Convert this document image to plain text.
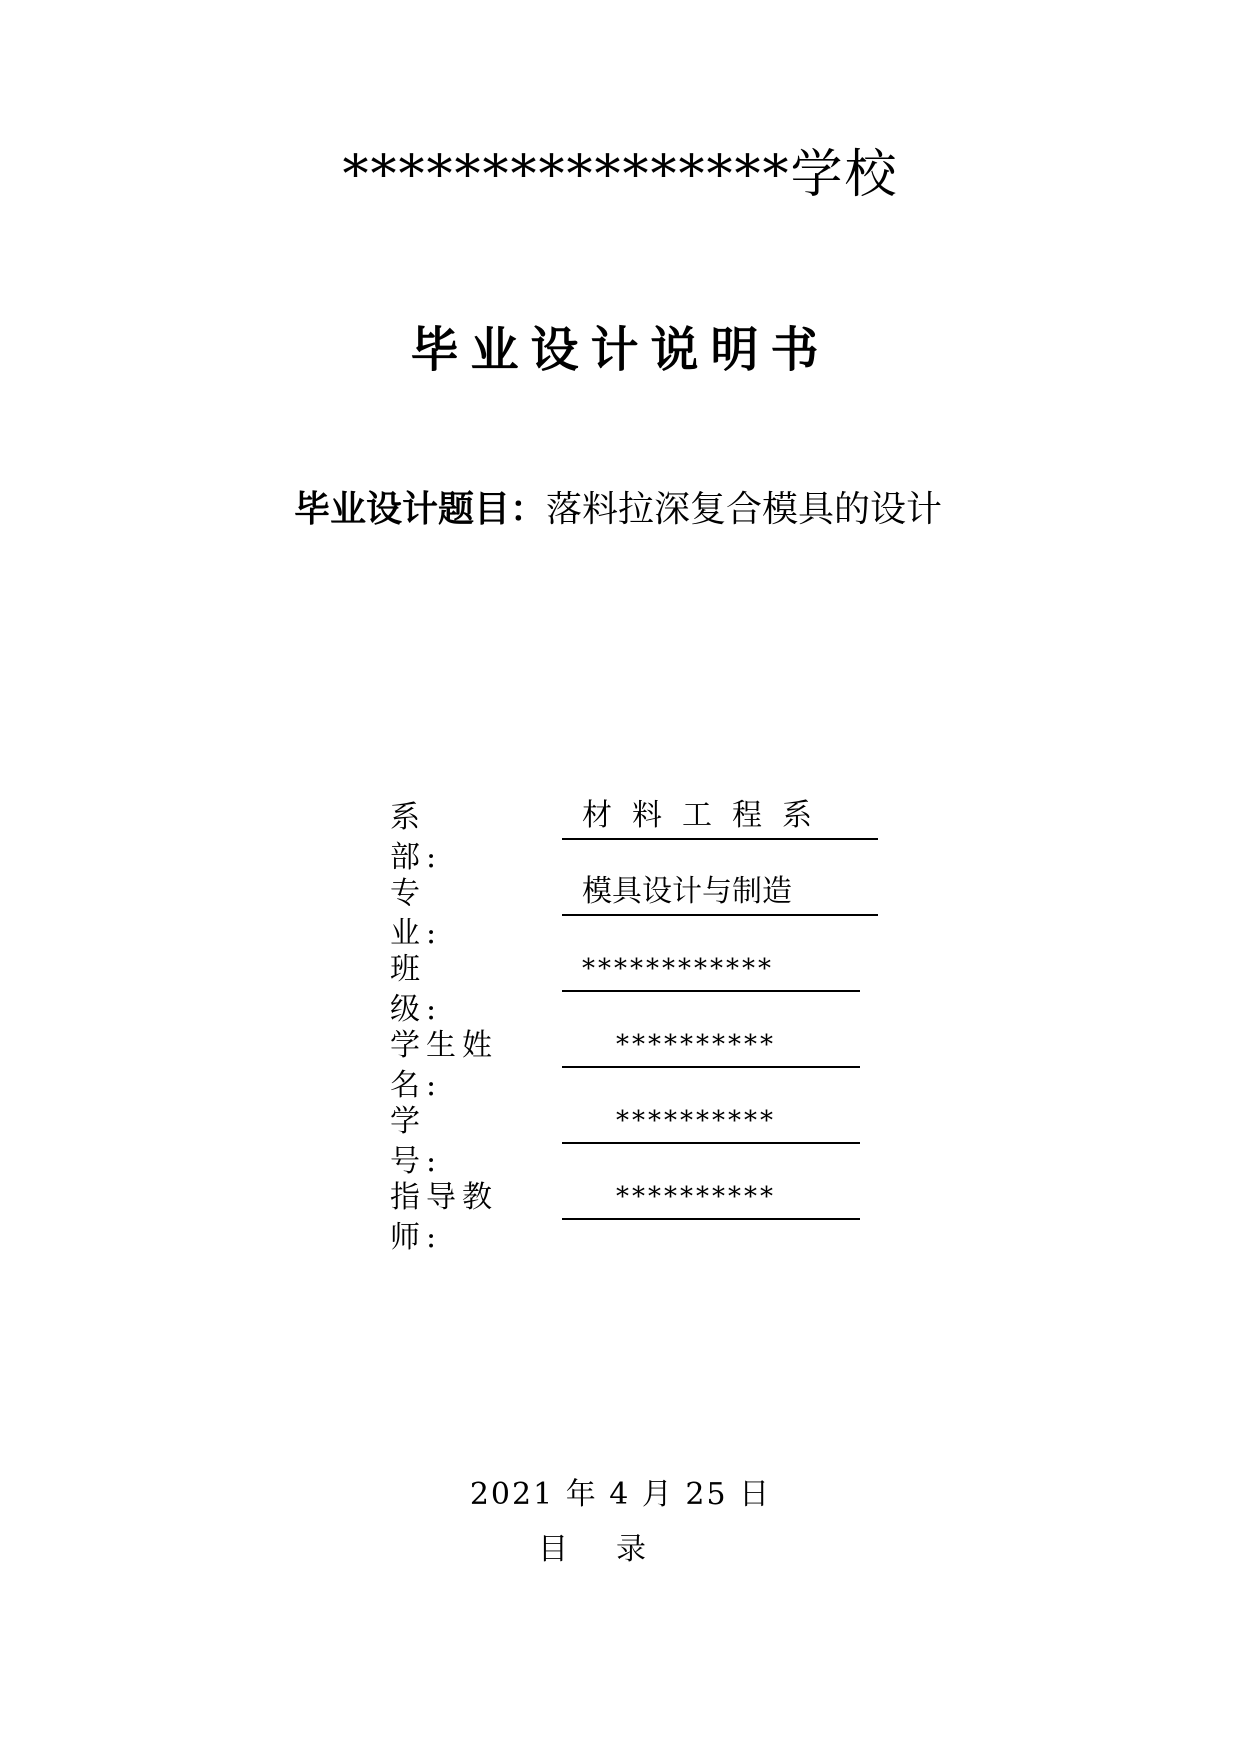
****************学校
毕业设计说明书
毕业设计题目：落料拉深复合模具的设计
系部:
材料工程系
专业:
模具设计与制造
班级:
************
学生姓名:
**********
学号:
**********
指导教师:
**********
2021 年 4 月 25 日
目 录
